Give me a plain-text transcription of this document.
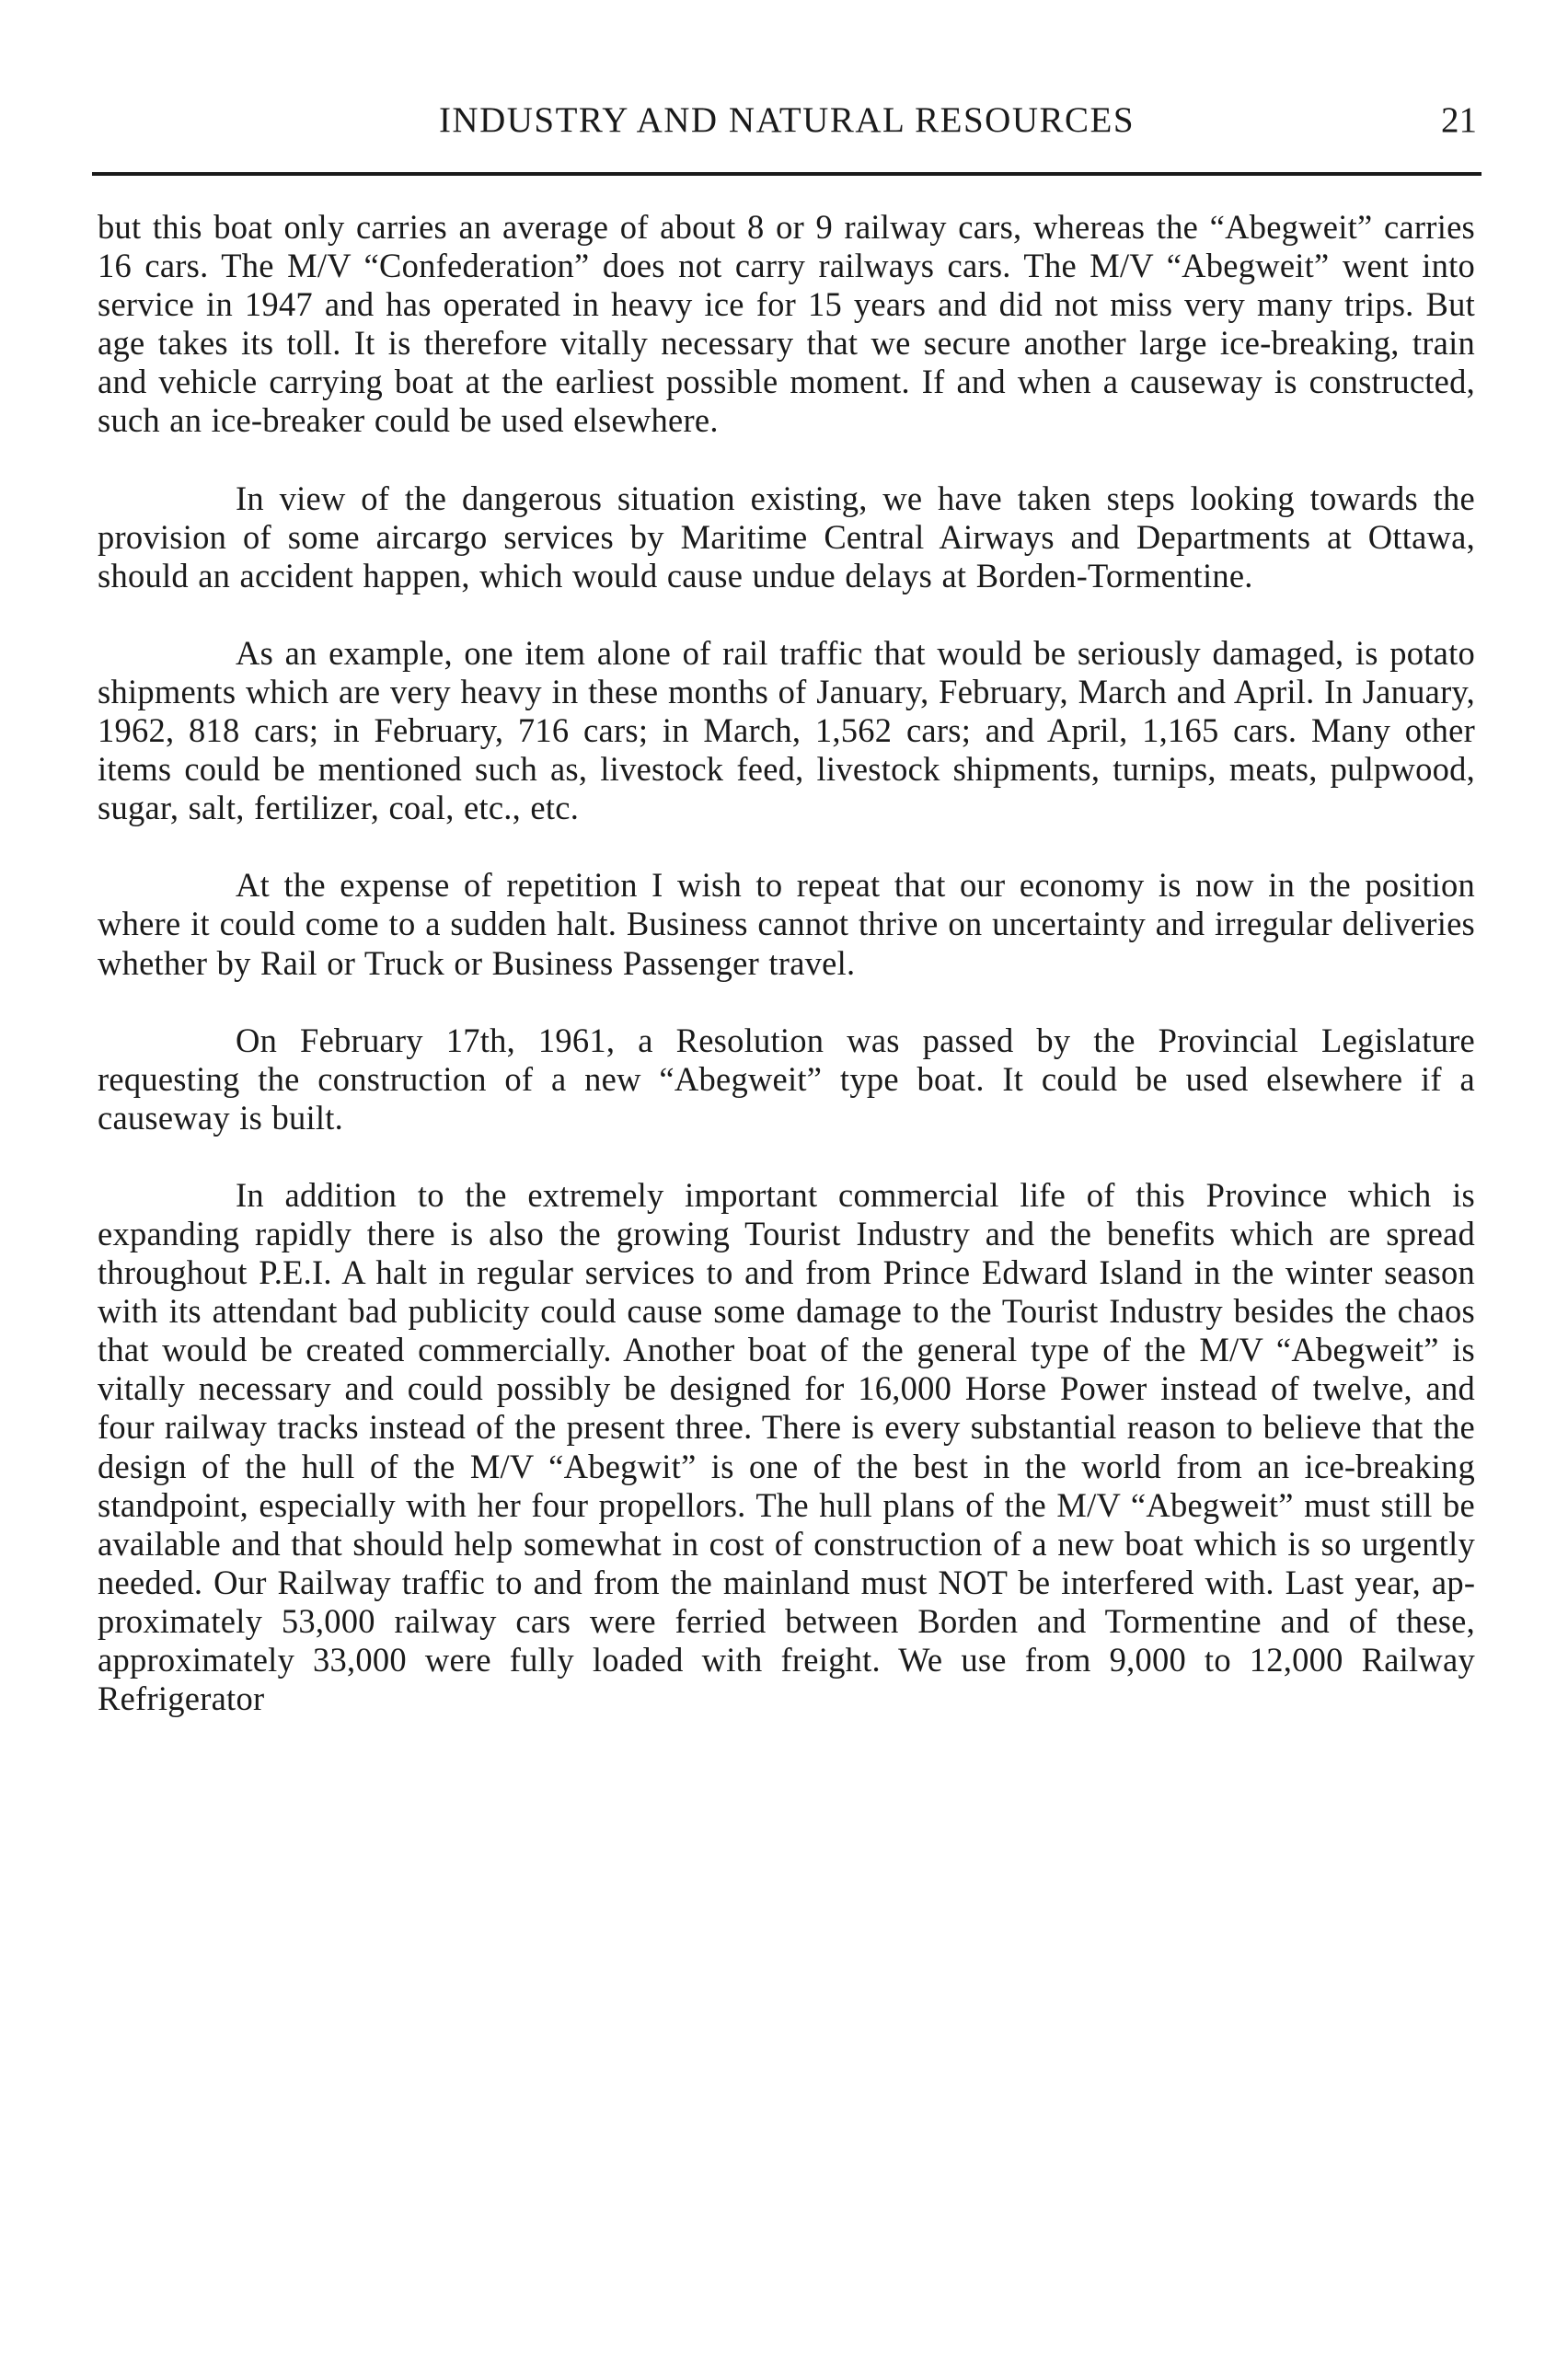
INDUSTRY AND NATURAL RESOURCES	21

but this boat only carries an average of about 8 or 9 railway cars, whereas the “Abegweit” carries 16 cars. The M/V “Confederation” does not carry railways cars. The M/V “Abegweit” went into service in 1947 and has operated in heavy ice for 15 years and did not miss very many trips. But age takes its toll. It is therefore vitally necessary that we secure another large ice-breaking, train and vehicle carrying boat at the earliest possible moment. If and when a causeway is constructed, such an ice-breaker could be used elsewhere.

In view of the dangerous situation existing, we have taken steps looking towards the provision of some aircargo services by Maritime Central Airways and Departments at Ottawa, should an accident happen, which would cause undue delays at Borden-Tormentine.

As an example, one item alone of rail traffic that would be seriously damaged, is potato shipments which are very heavy in these months of January, February, March and April. In January, 1962, 818 cars; in February, 716 cars; in March, 1,562 cars; and April, 1,165 cars. Many other items could be mentioned such as, livestock feed, livestock shipments, turnips, meats, pulpwood, sugar, salt, fertilizer, coal, etc., etc.

At the expense of repetition I wish to repeat that our economy is now in the position where it could come to a sudden halt. Business cannot thrive on uncertainty and irregular deliveries whether by Rail or Truck or Business Passenger travel.

On February 17th, 1961, a Resolution was passed by the Provincial Legislature requesting the construction of a new “Abegweit” type boat. It could be used elsewhere if a causeway is built.

In addition to the extremely important commercial life of this Province which is expanding rapidly there is also the growing Tourist Industry and the benefits which are spread throughout P.E.I. A halt in regular services to and from Prince Edward Island in the winter season with its attendant bad publicity could cause some damage to the Tourist Industry besides the chaos that would be created commercially. Another boat of the general type of the M/V “Abegweit” is vitally necessary and could possibly be designed for 16,000 Horse Power instead of twelve, and four railway tracks instead of the present three. There is every substantial reason to believe that the design of the hull of the M/V “Abegwit” is one of the best in the world from an ice-breaking standpoint, especially with her four propellors. The hull plans of the M/V “Abegweit” must still be available and that should help somewhat in cost of construction of a new boat which is so urgently needed. Our Railway traffic to and from the mainland must NOT be interfered with. Last year, approximately 53,000 railway cars were ferried between Borden and Tormentine and of these, approximately 33,000 were fully loaded with freight. We use from 9,000 to 12,000 Railway Refrigerator
